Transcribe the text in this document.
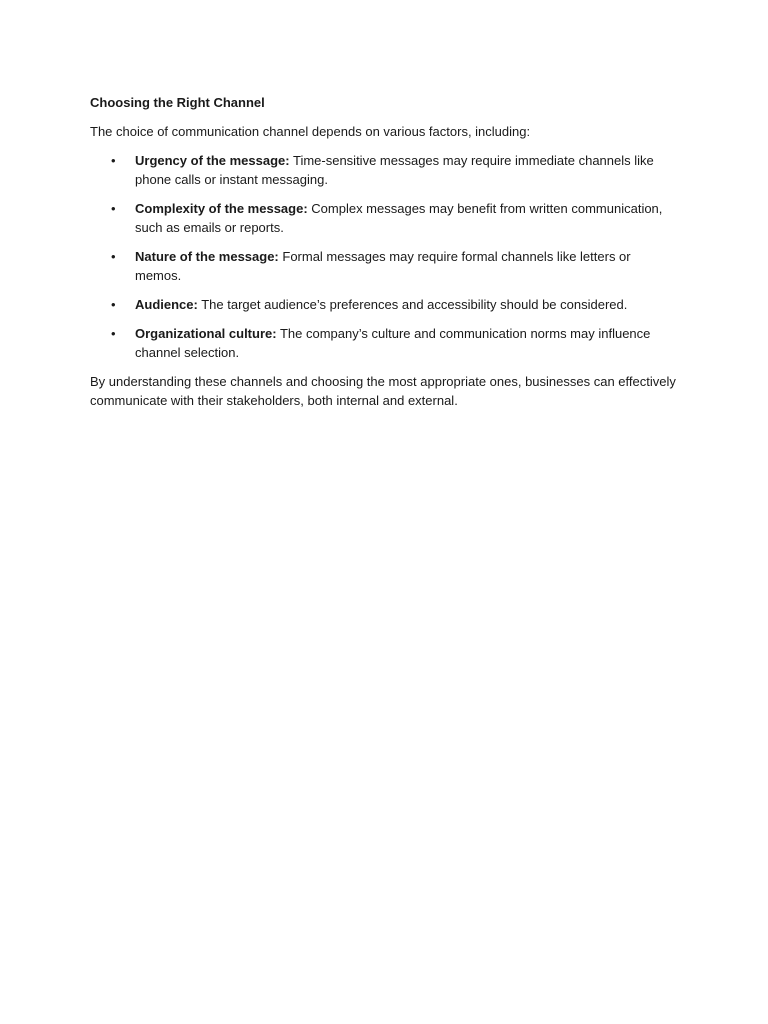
Choosing the Right Channel

The choice of communication channel depends on various factors, including:

• Urgency of the message: Time-sensitive messages may require immediate channels like phone calls or instant messaging.
• Complexity of the message: Complex messages may benefit from written communication, such as emails or reports.
• Nature of the message: Formal messages may require formal channels like letters or memos.
• Audience: The target audience’s preferences and accessibility should be considered.
• Organizational culture: The company’s culture and communication norms may influence channel selection.

By understanding these channels and choosing the most appropriate ones, businesses can effectively communicate with their stakeholders, both internal and external.
